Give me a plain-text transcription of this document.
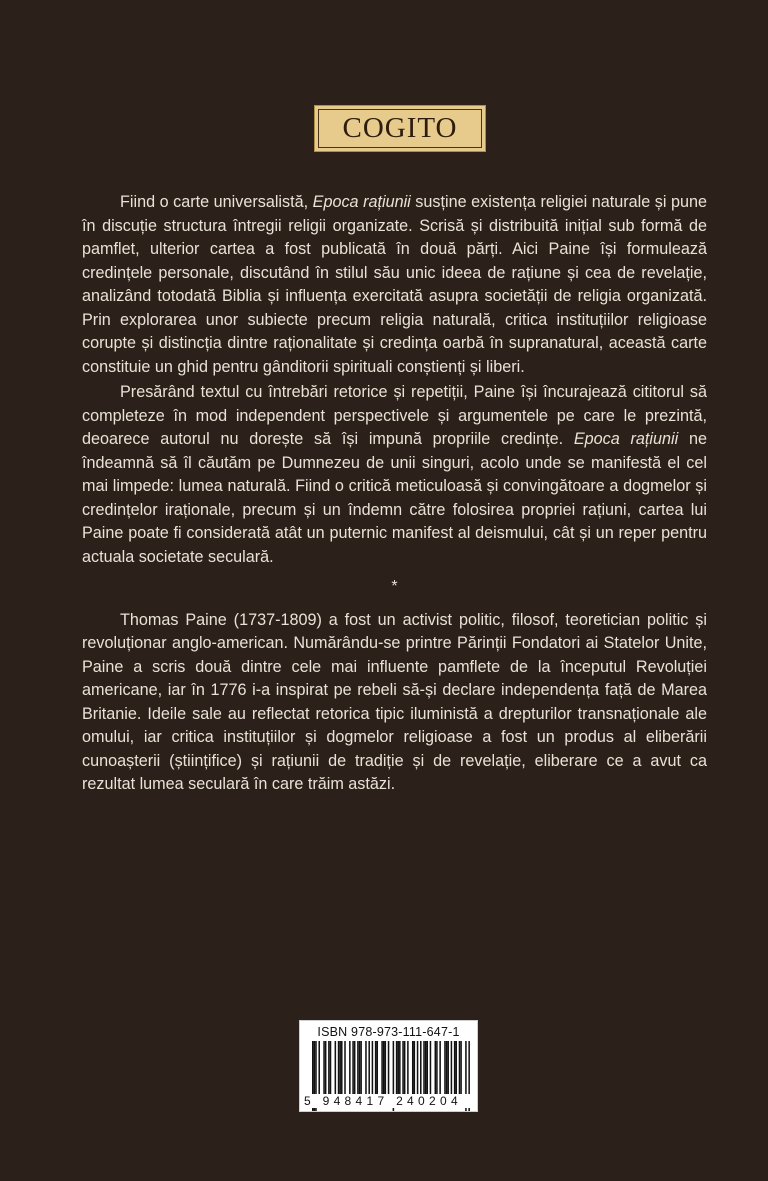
COGITO

Fiind o carte universalistă, Epoca rațiunii susține existența religiei naturale și pune în discuție structura întregii religii organizate. Scrisă și distribuită inițial sub formă de pamflet, ulterior cartea a fost publicată în două părți. Aici Paine își formulează credințele personale, discutând în stilul său unic ideea de rațiune și cea de revelație, analizând totodată Biblia și influența exercitată asupra societății de religia organizată. Prin explorarea unor subiecte precum religia naturală, critica instituțiilor religioase corupte și distincția dintre raționalitate și credința oarbă în supranatural, această carte constituie un ghid pentru gânditorii spirituali conștienți și liberi.

Presărând textul cu întrebări retorice și repetiții, Paine își încurajează cititorul să completeze în mod independent perspectivele și argumentele pe care le prezintă, deoarece autorul nu dorește să își impună propriile credințe. Epoca rațiunii ne îndeamnă să îl căutăm pe Dumnezeu de unii singuri, acolo unde se manifestă el cel mai limpede: lumea naturală. Fiind o critică meticuloasă și convingătoare a dogmelor și credințelor iraționale, precum și un îndemn către folosirea propriei rațiuni, cartea lui Paine poate fi considerată atât un puternic manifest al deismului, cât și un reper pentru actuala societate seculară.

*

Thomas Paine (1737-1809) a fost un activist politic, filosof, teoretician politic și revoluționar anglo-american. Numărându-se printre Părinții Fondatori ai Statelor Unite, Paine a scris două dintre cele mai influente pamflete de la începutul Revoluției americane, iar în 1776 i-a inspirat pe rebeli să-și declare independența față de Marea Britanie. Ideile sale au reflectat retorica tipic iluministă a drepturilor transnaționale ale omului, iar critica instituțiilor și dogmelor religioase a fost un produs al eliberării cunoașterii (științifice) și rațiunii de tradiție și de revelație, eliberare ce a avut ca rezultat lumea seculară în care trăim astăzi.

ISBN 978-973-111-647-1
5 948417 240204
